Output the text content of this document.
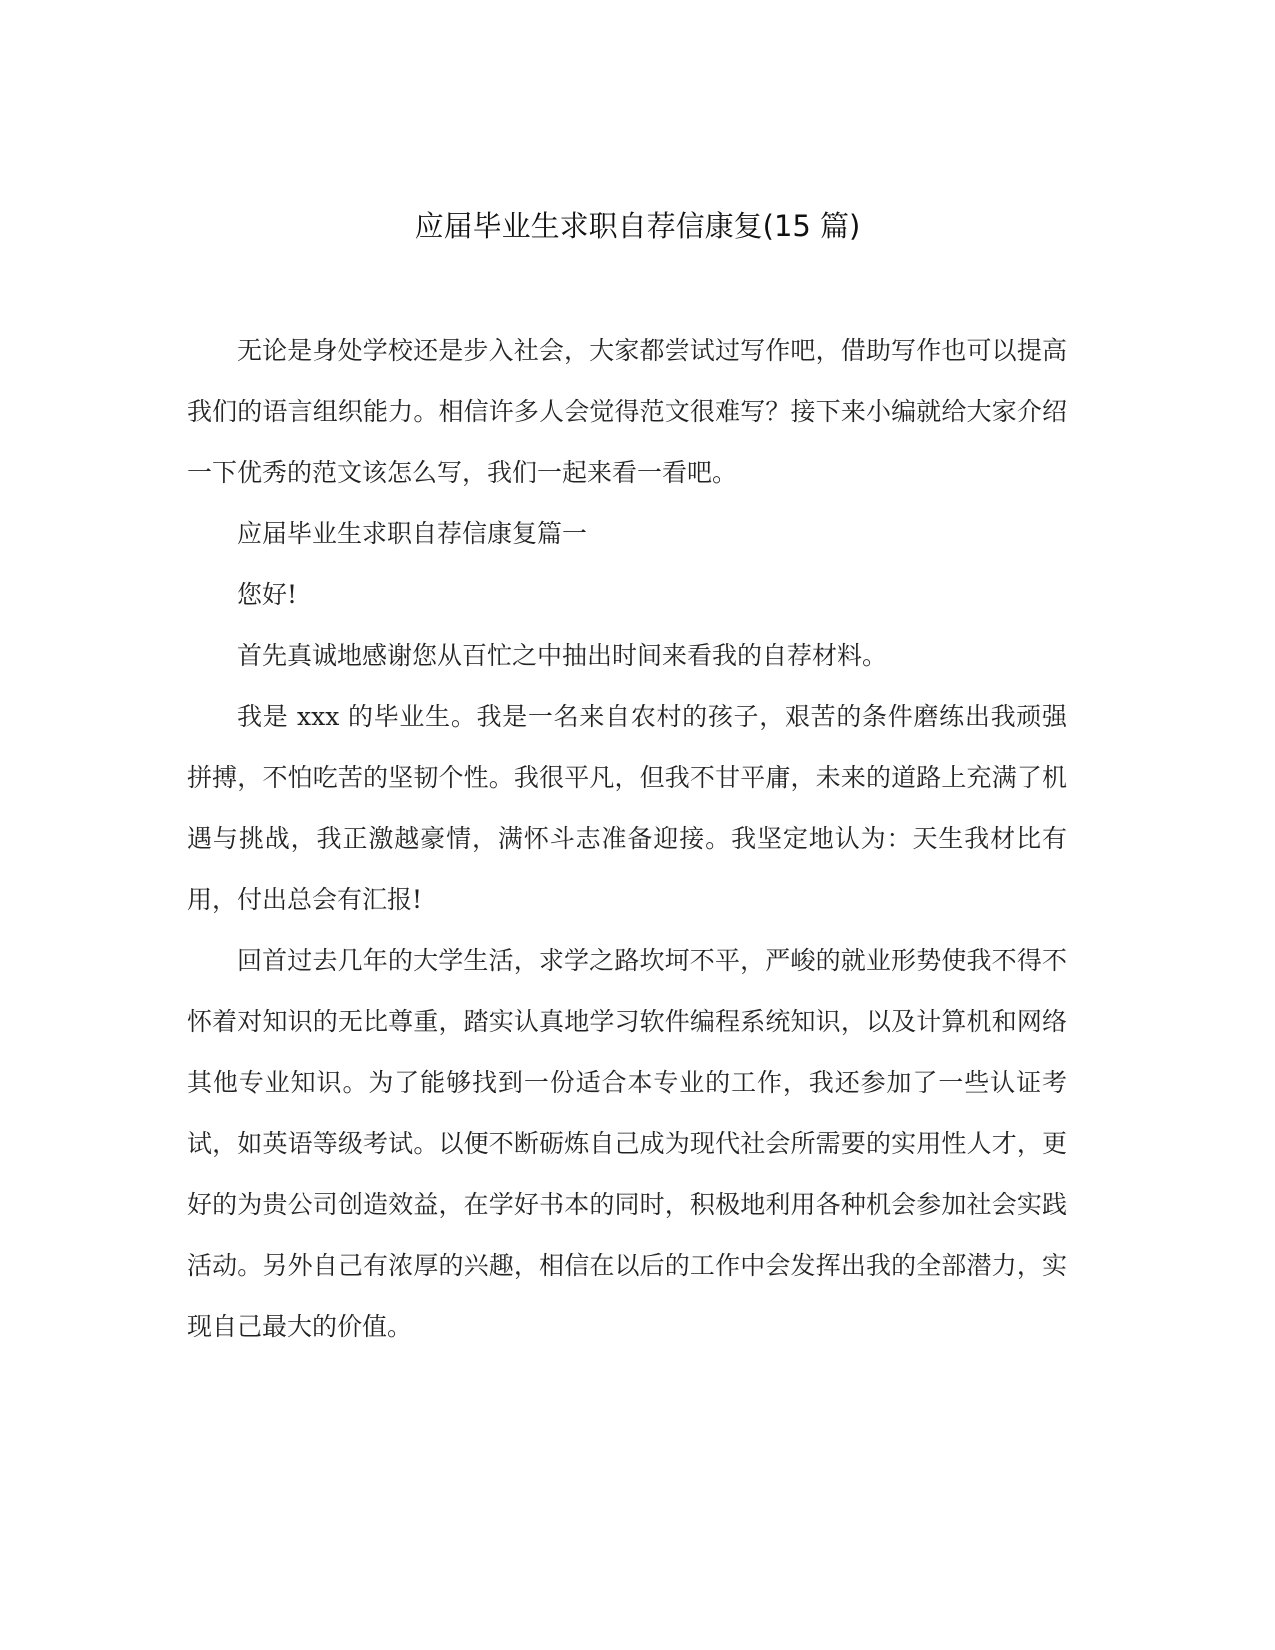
应届毕业生求职自荐信康复(15 篇)

无论是身处学校还是步入社会，大家都尝试过写作吧，借助写作也可以提高我们的语言组织能力。相信许多人会觉得范文很难写？接下来小编就给大家介绍一下优秀的范文该怎么写，我们一起来看一看吧。

应届毕业生求职自荐信康复篇一

您好!

首先真诚地感谢您从百忙之中抽出时间来看我的自荐材料。

我是 xxx 的毕业生。我是一名来自农村的孩子，艰苦的条件磨练出我顽强拼搏，不怕吃苦的坚韧个性。我很平凡，但我不甘平庸，未来的道路上充满了机遇与挑战，我正激越豪情，满怀斗志准备迎接。我坚定地认为：天生我材比有用，付出总会有汇报!

回首过去几年的大学生活，求学之路坎坷不平，严峻的就业形势使我不得不怀着对知识的无比尊重，踏实认真地学习软件编程系统知识，以及计算机和网络其他专业知识。为了能够找到一份适合本专业的工作，我还参加了一些认证考试，如英语等级考试。以便不断砺炼自己成为现代社会所需要的实用性人才，更好的为贵公司创造效益，在学好书本的同时，积极地利用各种机会参加社会实践活动。另外自己有浓厚的兴趣，相信在以后的工作中会发挥出我的全部潜力，实现自己最大的价值。
